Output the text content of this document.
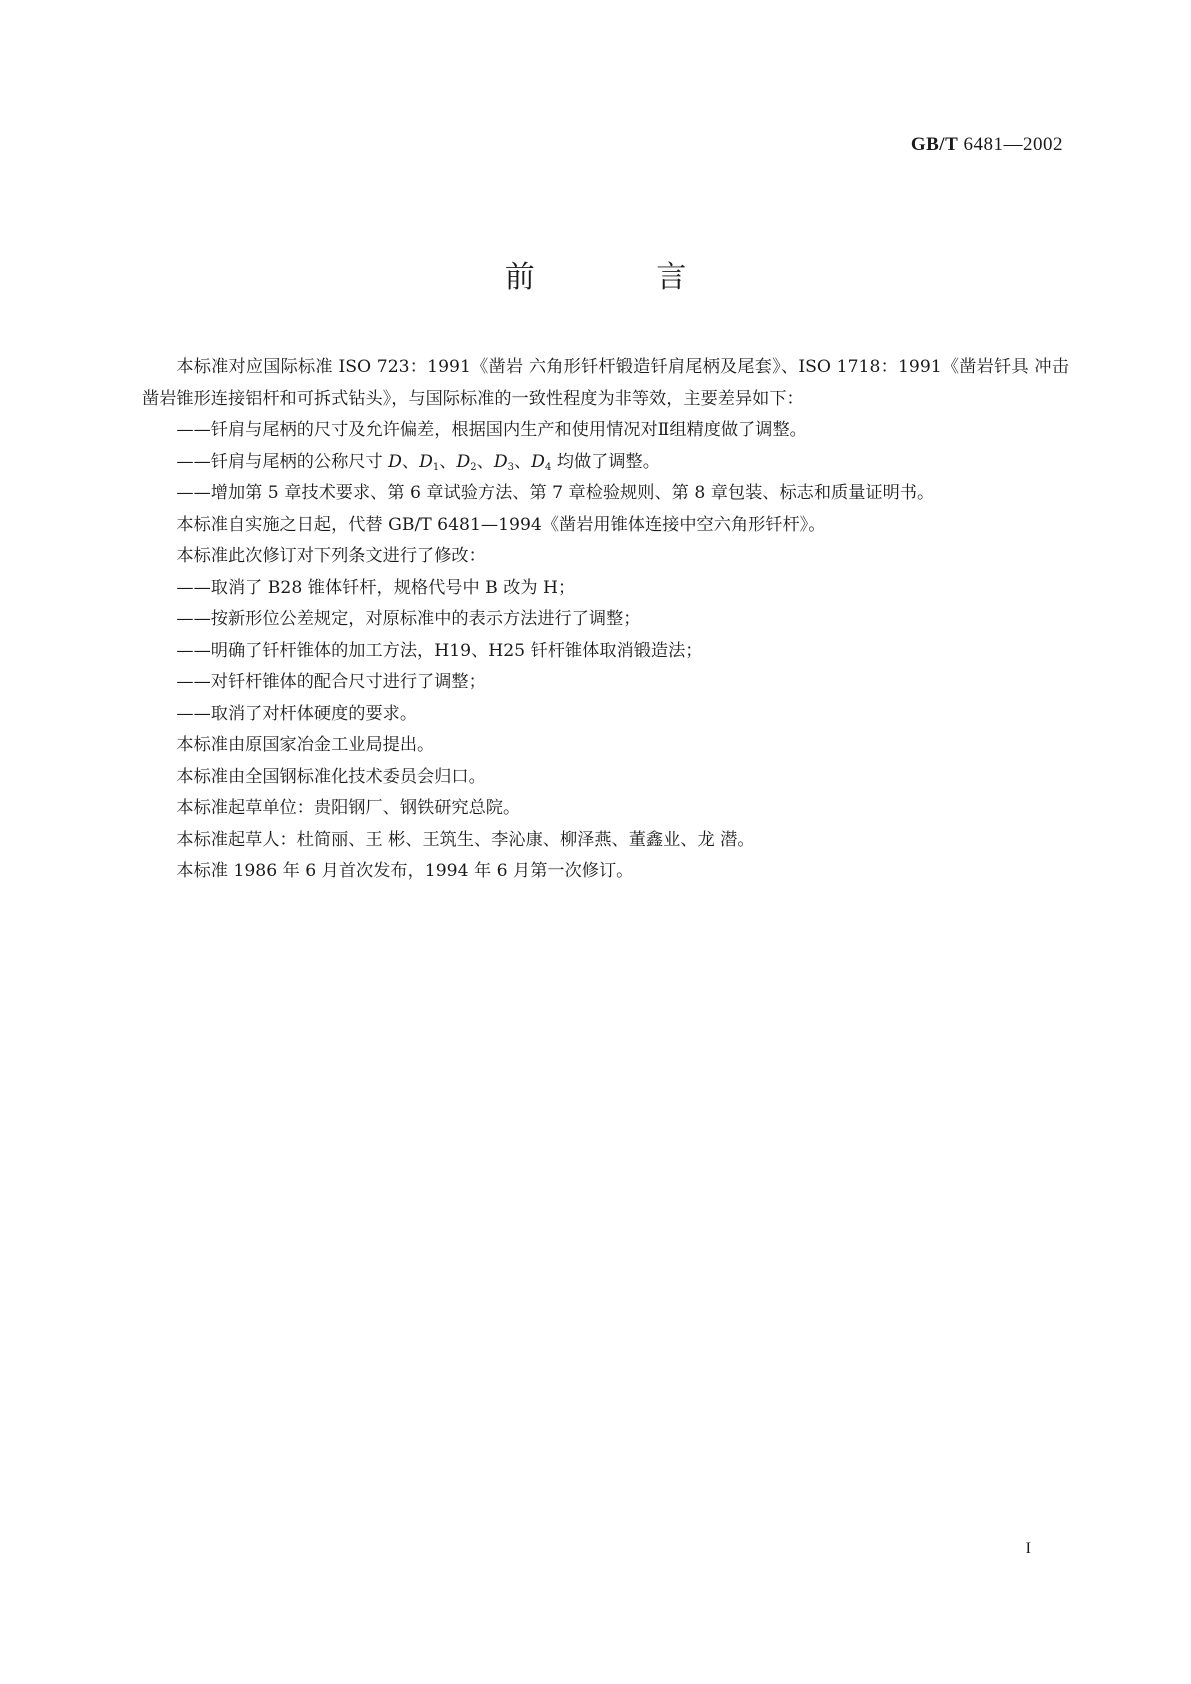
GB/T 6481—2002
前 言

本标准对应国际标准 ISO 723：1991《凿岩 六角形钎杆锻造钎肩尾柄及尾套》、ISO 1718：1991《凿岩钎具 冲击凿岩锥形连接铝杆和可拆式钻头》，与国际标准的一致性程度为非等效，主要差异如下：

——钎肩与尾柄的尺寸及允许偏差，根据国内生产和使用情况对Ⅱ组精度做了调整。

——钎肩与尾柄的公称尺寸 D、$D_1$、$D_2$、$D_3$、$D_4$ 均做了调整。

——增加第 5 章技术要求、第 6 章试验方法、第 7 章检验规则、第 8 章包装、标志和质量证明书。

本标准自实施之日起，代替 GB/T 6481—1994《凿岩用锥体连接中空六角形钎杆》。

本标准此次修订对下列条文进行了修改：

——取消了 B28 锥体钎杆，规格代号中 B 改为 H；

——按新形位公差规定，对原标准中的表示方法进行了调整；

——明确了钎杆锥体的加工方法，H19、H25 钎杆锥体取消锻造法；

——对钎杆锥体的配合尺寸进行了调整；

——取消了对杆体硬度的要求。

本标准由原国家冶金工业局提出。

本标准由全国钢标准化技术委员会归口。

本标准起草单位：贵阳钢厂、钢铁研究总院。

本标准起草人：杜简丽、王 彬、王筑生、李沁康、柳泽燕、董鑫业、龙 潜。

本标准 1986 年 6 月首次发布，1994 年 6 月第一次修订。

I
